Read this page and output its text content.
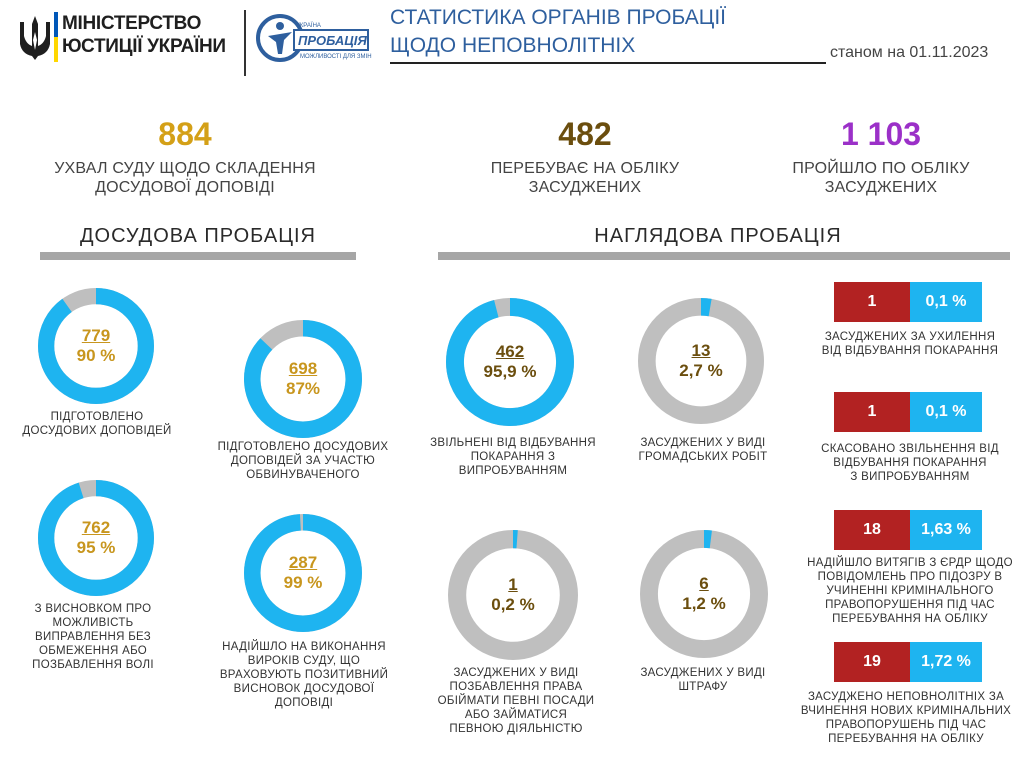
МІНІСТЕРСТВО
ЮСТИЦІЇ УКРАЇНИ
УКРАЇНА
ПРОБАЦІЯ
МОЖЛИВОСТІ ДЛЯ ЗМІН
СТАТИСТИКА ОРГАНІВ ПРОБАЦІЇ
ЩОДО НЕПОВНОЛІТНІХ	станом на 01.11.2023
884
УХВАЛ СУДУ ЩОДО СКЛАДЕННЯ
ДОСУДОВОЇ ДОПОВІДІ
482
ПЕРЕБУВАЄ НА ОБЛІКУ
ЗАСУДЖЕНИХ
1 103
ПРОЙШЛО ПО ОБЛІКУ
ЗАСУДЖЕНИХ
ДОСУДОВА ПРОБАЦІЯ	НАГЛЯДОВА ПРОБАЦІЯ
779
90 %
ПІДГОТОВЛЕНО
ДОСУДОВИХ ДОПОВІДЕЙ
698
87%
ПІДГОТОВЛЕНО ДОСУДОВИХ
ДОПОВІДЕЙ ЗА УЧАСТЮ
ОБВИНУВАЧЕНОГО
762
95 %
З ВИСНОВКОМ ПРО
МОЖЛИВІСТЬ
ВИПРАВЛЕННЯ БЕЗ
ОБМЕЖЕННЯ АБО
ПОЗБАВЛЕННЯ ВОЛІ
287
99 %
НАДІЙШЛО НА ВИКОНАННЯ
ВИРОКІВ СУДУ, ЩО
ВРАХОВУЮТЬ ПОЗИТИВНИЙ
ВИСНОВОК ДОСУДОВОЇ
ДОПОВІДІ
462
95,9 %
ЗВІЛЬНЕНІ ВІД ВІДБУВАННЯ
ПОКАРАННЯ З
ВИПРОБУВАННЯМ
13
2,7 %
ЗАСУДЖЕНИХ У ВИДІ
ГРОМАДСЬКИХ РОБІТ
1
0,2 %
ЗАСУДЖЕНИХ У ВИДІ
ПОЗБАВЛЕННЯ ПРАВА
ОБІЙМАТИ ПЕВНІ ПОСАДИ
АБО ЗАЙМАТИСЯ
ПЕВНОЮ ДІЯЛЬНІСТЮ
6
1,2 %
ЗАСУДЖЕНИХ У ВИДІ
ШТРАФУ
1	0,1 %
ЗАСУДЖЕНИХ ЗА УХИЛЕННЯ
ВІД ВІДБУВАННЯ ПОКАРАННЯ
1	0,1 %
СКАСОВАНО ЗВІЛЬНЕННЯ ВІД
ВІДБУВАННЯ ПОКАРАННЯ
З ВИПРОБУВАННЯМ
18	1,63 %
НАДІЙШЛО ВИТЯГІВ З ЄРДР ЩОДО
ПОВІДОМЛЕНЬ ПРО ПІДОЗРУ В
УЧИНЕННІ КРИМІНАЛЬНОГО
ПРАВОПОРУШЕННЯ ПІД ЧАС
ПЕРЕБУВАННЯ НА ОБЛІКУ
19	1,72 %
ЗАСУДЖЕНО НЕПОВНОЛІТНІХ ЗА
ВЧИНЕННЯ НОВИХ КРИМІНАЛЬНИХ
ПРАВОПОРУШЕНЬ ПІД ЧАС
ПЕРЕБУВАННЯ НА ОБЛІКУ
